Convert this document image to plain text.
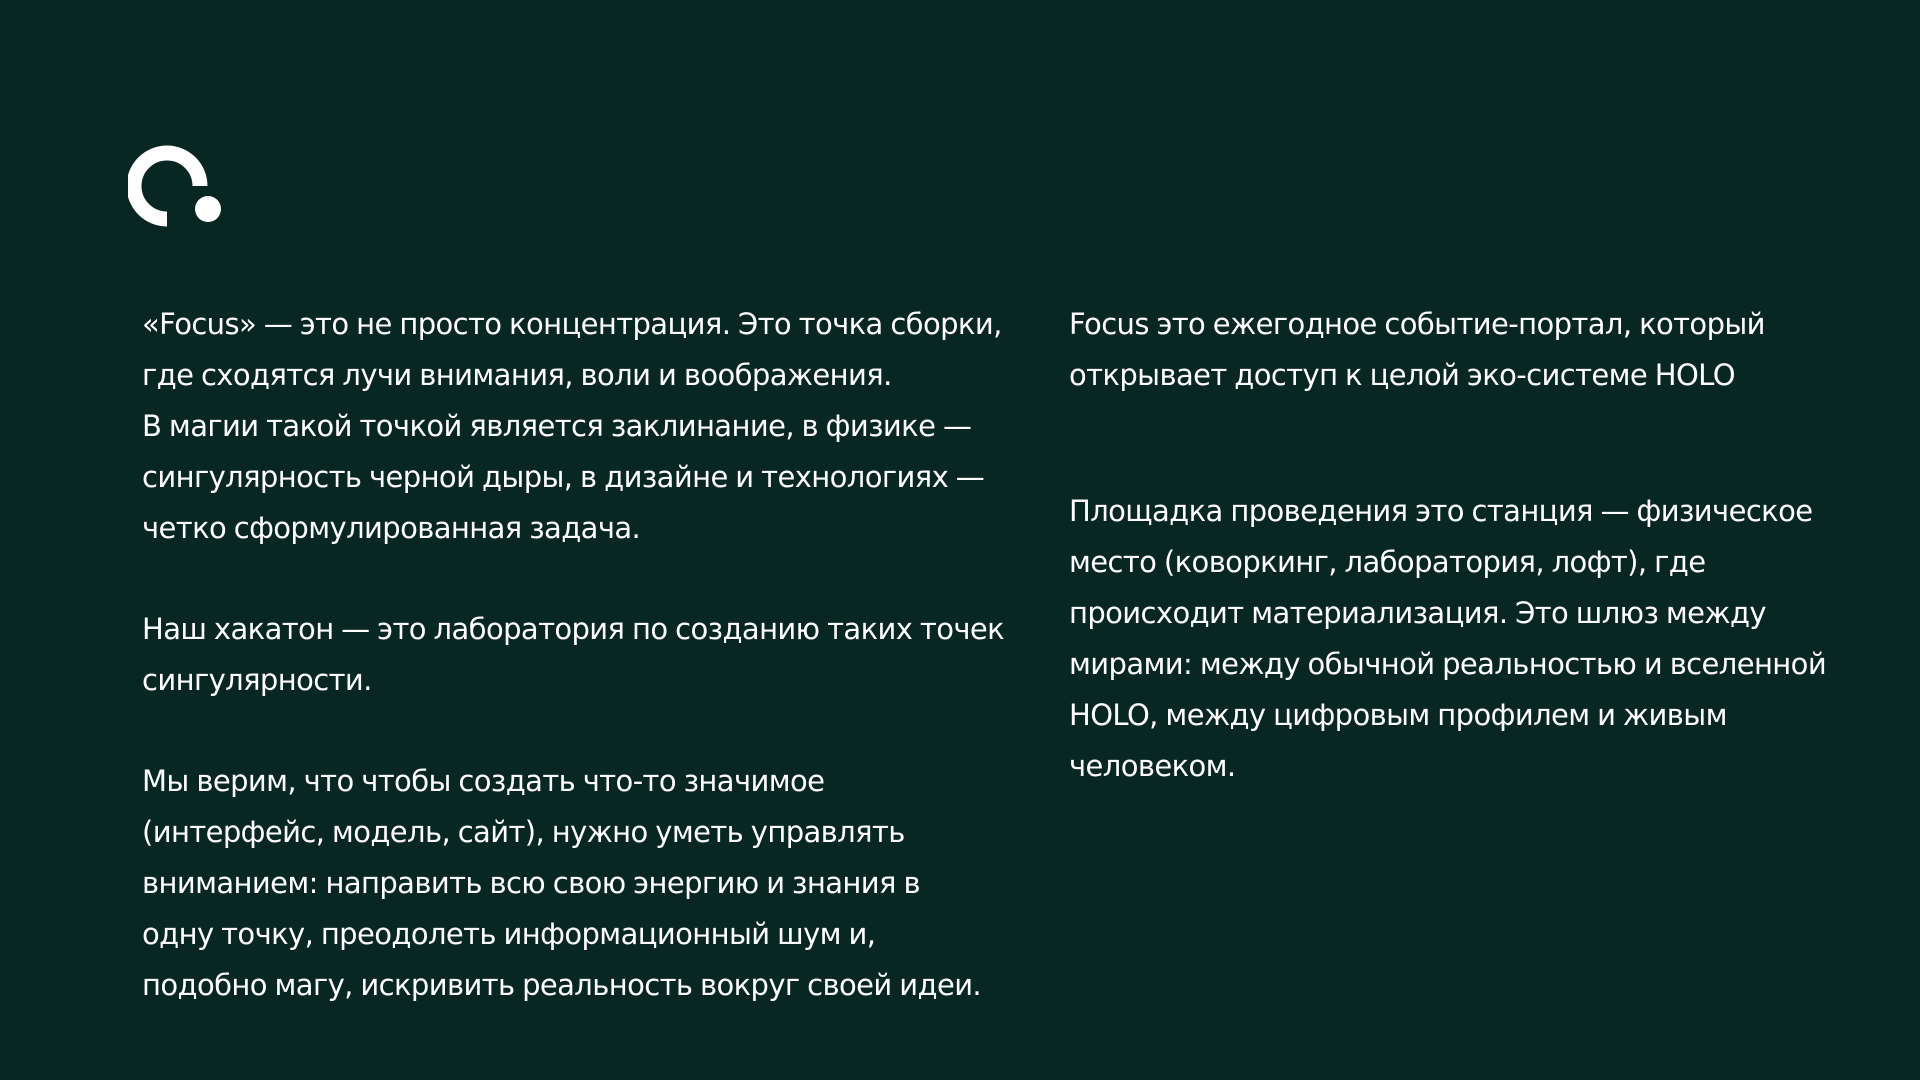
«Focus» — это не просто концентрация. Это точка сборки,
где сходятся лучи внимания, воли и воображения.
В магии такой точкой является заклинание, в физике —
сингулярность черной дыры, в дизайне и технологиях —
четко сформулированная задача.

Наш хакатон — это лаборатория по созданию таких точек
сингулярности.

Мы верим, что чтобы создать что-то значимое
(интерфейс, модель, сайт), нужно уметь управлять
вниманием: направить всю свою энергию и знания в
одну точку, преодолеть информационный шум и,
подобно магу, искривить реальность вокруг своей идеи.

Focus это ежегодное событие-портал, который
открывает доступ к целой эко-системе HOLO

Площадка проведения это станция — физическое
место (коворкинг, лаборатория, лофт), где
происходит материализация. Это шлюз между
мирами: между обычной реальностью и вселенной
HOLO, между цифровым профилем и живым
человеком.
